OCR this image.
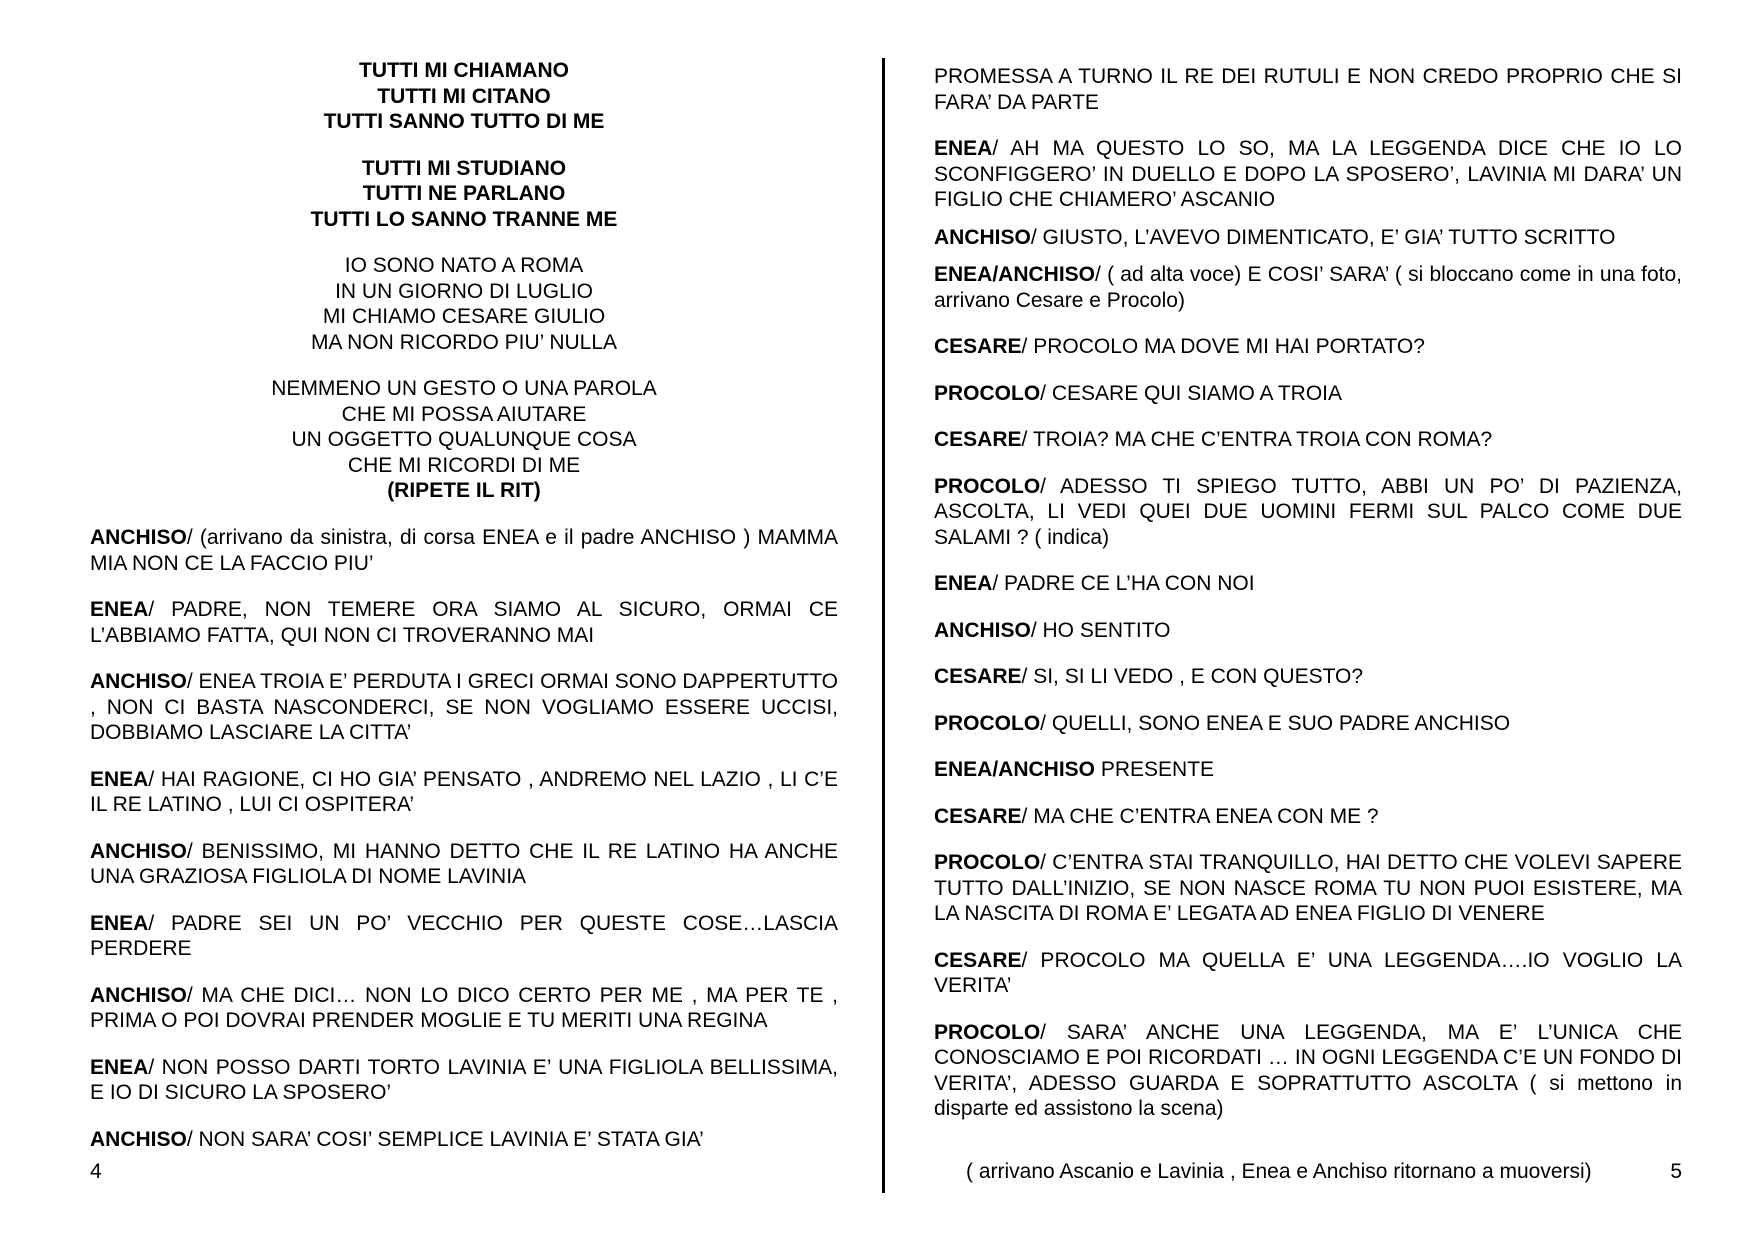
TUTTI MI CHIAMANO
TUTTI MI CITANO
TUTTI SANNO TUTTO DI ME
TUTTI MI STUDIANO
TUTTI NE PARLANO
TUTTI LO SANNO TRANNE ME
IO SONO NATO A ROMA
IN UN GIORNO DI LUGLIO
MI CHIAMO CESARE GIULIO
MA NON RICORDO PIU’ NULLA
NEMMENO UN GESTO O UNA PAROLA
CHE MI POSSA AIUTARE
UN OGGETTO QUALUNQUE COSA
CHE MI RICORDI DI ME
(RIPETE IL RIT)

ANCHISO/ (arrivano da sinistra, di corsa ENEA e il padre ANCHISO ) MAMMA MIA NON CE LA FACCIO PIU’

ENEA/ PADRE, NON TEMERE ORA SIAMO AL SICURO, ORMAI CE L’ABBIAMO FATTA, QUI NON CI TROVERANNO MAI

ANCHISO/ ENEA TROIA E’ PERDUTA I GRECI ORMAI SONO DAPPERTUTTO , NON CI BASTA NASCONDERCI, SE NON VOGLIAMO ESSERE UCCISI, DOBBIAMO LASCIARE LA CITTA’

ENEA/ HAI RAGIONE, CI HO GIA’ PENSATO , ANDREMO NEL LAZIO , LI C’E IL RE LATINO , LUI CI OSPITERA’

ANCHISO/ BENISSIMO, MI HANNO DETTO CHE IL RE LATINO HA ANCHE UNA GRAZIOSA FIGLIOLA DI NOME LAVINIA

ENEA/ PADRE SEI UN PO’ VECCHIO PER QUESTE COSE…LASCIA PERDERE

ANCHISO/ MA CHE DICI… NON LO DICO CERTO PER ME , MA PER TE , PRIMA O POI DOVRAI PRENDER MOGLIE E TU MERITI UNA REGINA

ENEA/ NON POSSO DARTI TORTO LAVINIA E’ UNA FIGLIOLA BELLISSIMA, E IO DI SICURO LA SPOSERO’

ANCHISO/ NON SARA’ COSI’ SEMPLICE LAVINIA E’ STATA GIA’

4

PROMESSA A TURNO IL RE DEI RUTULI E NON CREDO PROPRIO CHE SI FARA’ DA PARTE

ENEA/ AH MA QUESTO LO SO, MA LA LEGGENDA DICE CHE IO LO SCONFIGGERO’ IN DUELLO E DOPO LA SPOSERO’, LAVINIA MI DARA’ UN FIGLIO CHE CHIAMERO’ ASCANIO

ANCHISO/ GIUSTO, L’AVEVO DIMENTICATO, E’ GIA’ TUTTO SCRITTO

ENEA/ANCHISO/ ( ad alta voce) E COSI’ SARA’ ( si bloccano come in una foto, arrivano Cesare e Procolo)

CESARE/ PROCOLO MA DOVE MI HAI PORTATO?

PROCOLO/ CESARE QUI SIAMO A TROIA

CESARE/ TROIA? MA CHE C’ENTRA TROIA CON ROMA?

PROCOLO/ ADESSO TI SPIEGO TUTTO, ABBI UN PO’ DI PAZIENZA, ASCOLTA, LI VEDI QUEI DUE UOMINI FERMI SUL PALCO COME DUE SALAMI ? ( indica)

ENEA/ PADRE CE L’HA CON NOI

ANCHISO/ HO SENTITO

CESARE/ SI, SI LI VEDO , E CON QUESTO?

PROCOLO/ QUELLI, SONO ENEA E SUO PADRE ANCHISO

ENEA/ANCHISO PRESENTE

CESARE/ MA CHE C’ENTRA ENEA CON ME ?

PROCOLO/ C’ENTRA STAI TRANQUILLO, HAI DETTO CHE VOLEVI SAPERE TUTTO DALL’INIZIO, SE NON NASCE ROMA TU NON PUOI ESISTERE, MA LA NASCITA DI ROMA E’ LEGATA AD ENEA FIGLIO DI VENERE

CESARE/ PROCOLO MA QUELLA E’ UNA LEGGENDA….IO VOGLIO LA VERITA’

PROCOLO/ SARA’ ANCHE UNA LEGGENDA, MA E’ L’UNICA CHE CONOSCIAMO E POI RICORDATI … IN OGNI LEGGENDA C’E UN FONDO DI VERITA’, ADESSO GUARDA E SOPRATTUTTO ASCOLTA ( si mettono in disparte ed assistono la scena)

( arrivano Ascanio e Lavinia , Enea e Anchiso ritornano a muoversi)	5
